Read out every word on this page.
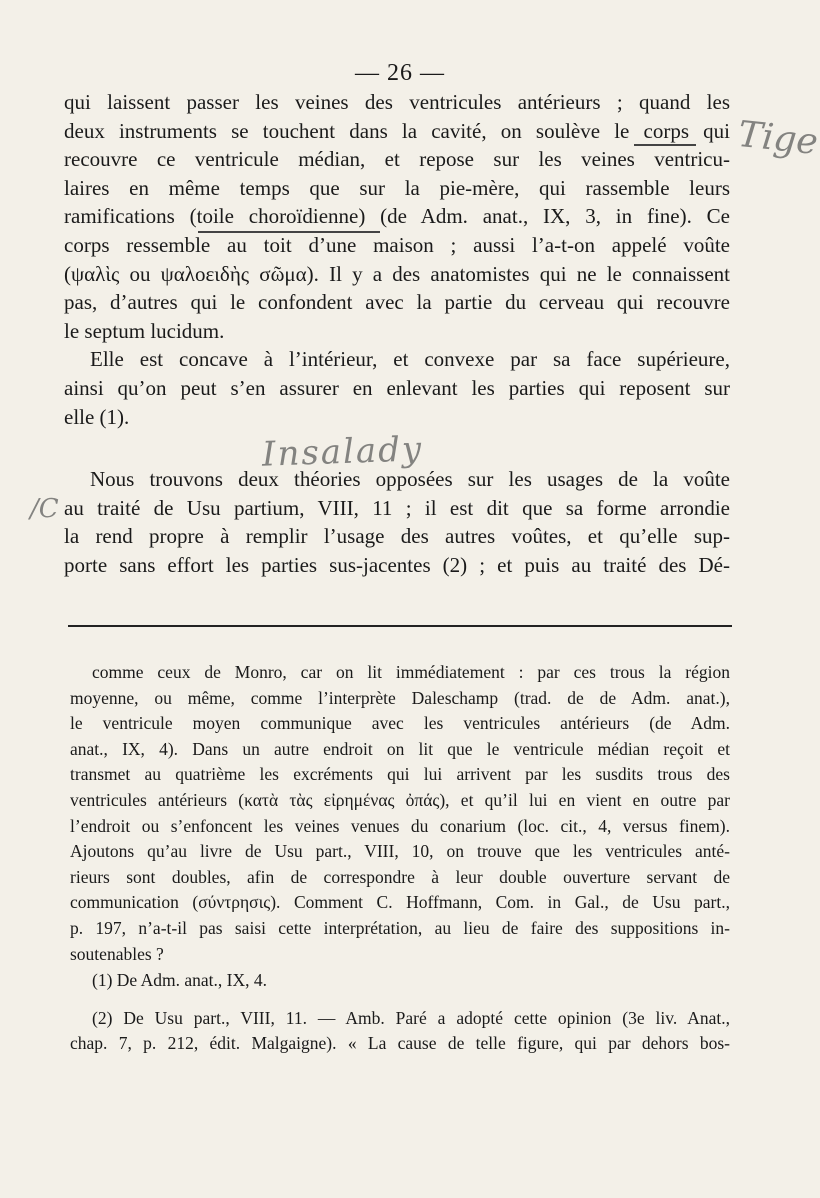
— 26 —
qui laissent passer les veines des ventricules antérieurs ; quand les
deux instruments se touchent dans la cavité, on soulève le corps qui
recouvre ce ventricule médian, et repose sur les veines ventricu-
laires en même temps que sur la pie-mère, qui rassemble leurs
ramifications (toile choroïdienne) (de Adm. anat., IX, 3, in fine). Ce
corps ressemble au toit d’une maison ; aussi l’a-t-on appelé voûte
(ψαλὶς ou ψαλοειδὴς σῶμα). Il y a des anatomistes qui ne le connaissent
pas, d’autres qui le confondent avec la partie du cerveau qui recouvre
le septum lucidum.
Elle est concave à l’intérieur, et convexe par sa face supérieure,
ainsi qu’on peut s’en assurer en enlevant les parties qui reposent sur
elle (1).
Nous trouvons deux théories opposées sur les usages de la voûte
au traité de Usu partium, VIII, 11 ; il est dit que sa forme arrondie
la rend propre à remplir l’usage des autres voûtes, et qu’elle sup-
porte sans effort les parties sus-jacentes (2) ; et puis au traité des Dé-
Tige
/C
Insalady
comme ceux de Monro, car on lit immédiatement : par ces trous la région
moyenne, ou même, comme l’interprète Daleschamp (trad. de de Adm. anat.),
le ventricule moyen communique avec les ventricules antérieurs (de Adm.
anat., IX, 4). Dans un autre endroit on lit que le ventricule médian reçoit et
transmet au quatrième les excréments qui lui arrivent par les susdits trous des
ventricules antérieurs (κατὰ τὰς εἰρημένας ὀπάς), et qu’il lui en vient en outre par
l’endroit ou s’enfoncent les veines venues du conarium (loc. cit., 4, versus finem).
Ajoutons qu’au livre de Usu part., VIII, 10, on trouve que les ventricules anté-
rieurs sont doubles, afin de correspondre à leur double ouverture servant de
communication (σύντρησις). Comment C. Hoffmann, Com. in Gal., de Usu part.,
p. 197, n’a-t-il pas saisi cette interprétation, au lieu de faire des suppositions in-
soutenables ?
(1) De Adm. anat., IX, 4.
(2) De Usu part., VIII, 11. — Amb. Paré a adopté cette opinion (3e liv. Anat.,
chap. 7, p. 212, édit. Malgaigne). « La cause de telle figure, qui par dehors bos-
